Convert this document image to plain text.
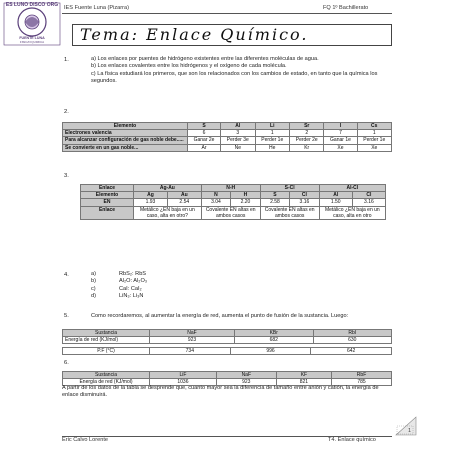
ES LUNO DISCO ORG
FUENTE LUNA
FISICAYQUIMICA
IES Fuente Luna (Pizarra)	FQ 1º Bachillerato
Tema: Enlace Químico.
1.	a) Los enlaces por puentes de hidrógeno existentes entre las diferentes moléculas de agua.
b) Los enlaces covalentes entre los hidrógenos y el oxígeno de cada molécula.
c) La física estudiará los primeros, que son los relacionados con los cambios de estado, en tanto que la química los segundos.
2.
Elemento	S	Al	Li	Sr	I	Cs
Electrones valencia	6	3	1	2	7	1
Para alcanzar configuración de gas noble debe.....	Ganar 2e	Perder 3e	Perder 1e	Perder 2e	Ganar 1e	Perder 1e
Se convierte en un gas noble...	Ar	Ne	He	Kr	Xe	Xe
3.
Enlace	Ag-Au		N-H		S-Cl		Al-Cl	
Elemento	Ag	Au	N	H	S	Cl	Al	Cl
EN	1.93	2.54	3.04	2.20	2.58	3.16	1.50	3.16
Enlace	Metálico ¿EN baja en un caso, alta en otro?		Covalente EN altas en ambos casos		Covalente EN altas en ambos casos		Metálico ¿EN baja en un caso, alta en otro	
4.	a)	RbS₂: RbS
b)	Al₂O: Al₂O₃
c)	CaI: CaI₂
d)	LiN₃: Li₃N
5.	Como recordaremos, al aumentar la energía de red, aumenta el punto de fusión de la sustancia. Luego:
Sustancia	NaF	KBr	RbI
Energía de red (KJ/mol)	923	682	630
P.F (°C)	734	996	642
6.
Sustancia	LiF	NaF	KF	RbF
Energía de red (KJ/mol)	1036	923	821	785
A partir de los datos de la tabla se desprende que, cuanto mayor sea la diferencia de tamaño entre anión y catión, la energía de enlace disminuirá.
Eric Calvo Lorente	T4. Enlace químico
1
